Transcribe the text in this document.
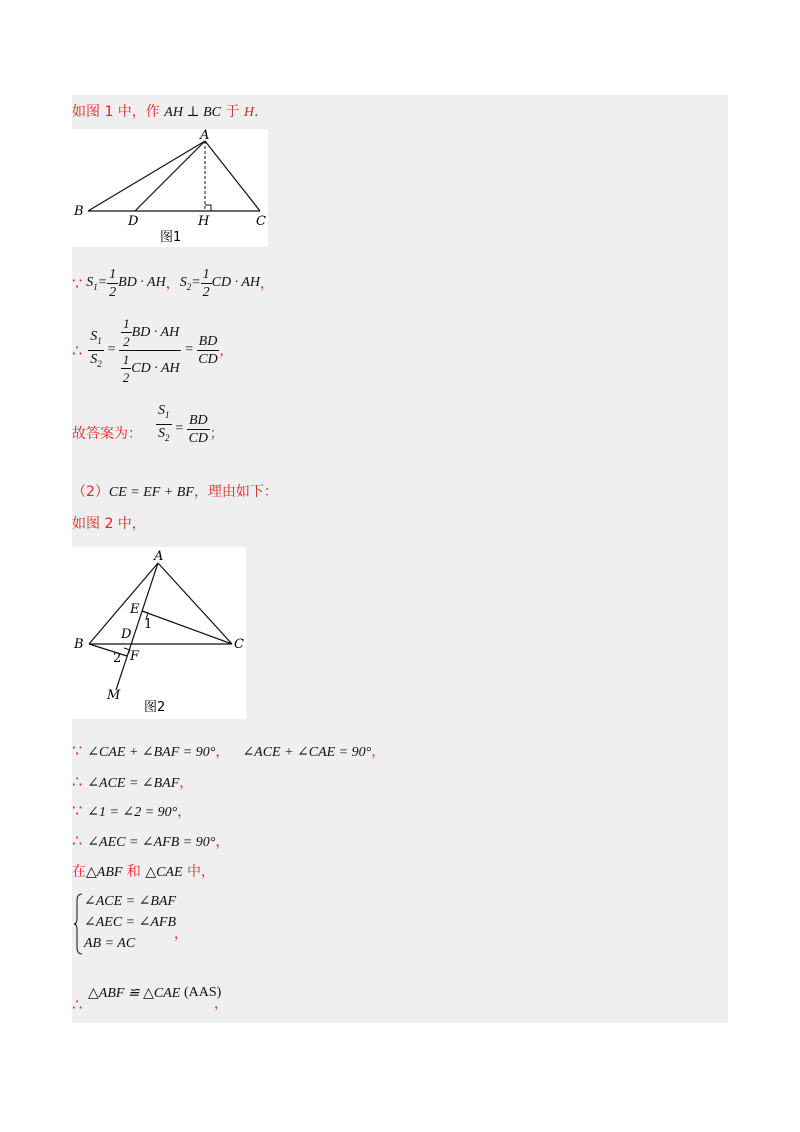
如图 1 中，作 AH ⊥ BC 于 H.
A
B
D	H	C
图1
∵ $S_1 = \frac{1}{2}$ BD · AH ， $S_2 = \frac{1}{2}$ CD · AH ，
∴ $\frac{S_1}{S_2} = \frac{\frac{1}{2} BD \cdot AH}{\frac{1}{2} CD \cdot AH} = \frac{BD}{CD}$ ，
故答案为： $\frac{S_1}{S_2} = \frac{BD}{CD}$ ；
（2）CE = EF + BF，理由如下：
如图 2 中，
A
E
1
D
B	C
2 F
M
图2
∵ ∠CAE + ∠BAF = 90°， ∠ACE + ∠CAE = 90°，
∴ ∠ACE = ∠BAF，
∵ ∠1 = ∠2 = 90°，
∴ ∠AEC = ∠AFB = 90°，
在△ABF 和 △CAE 中，
∠ACE = ∠BAF
∠AEC = ∠AFB
AB = AC
，
∴
△ABF ≌ △CAE (AAS)
，
